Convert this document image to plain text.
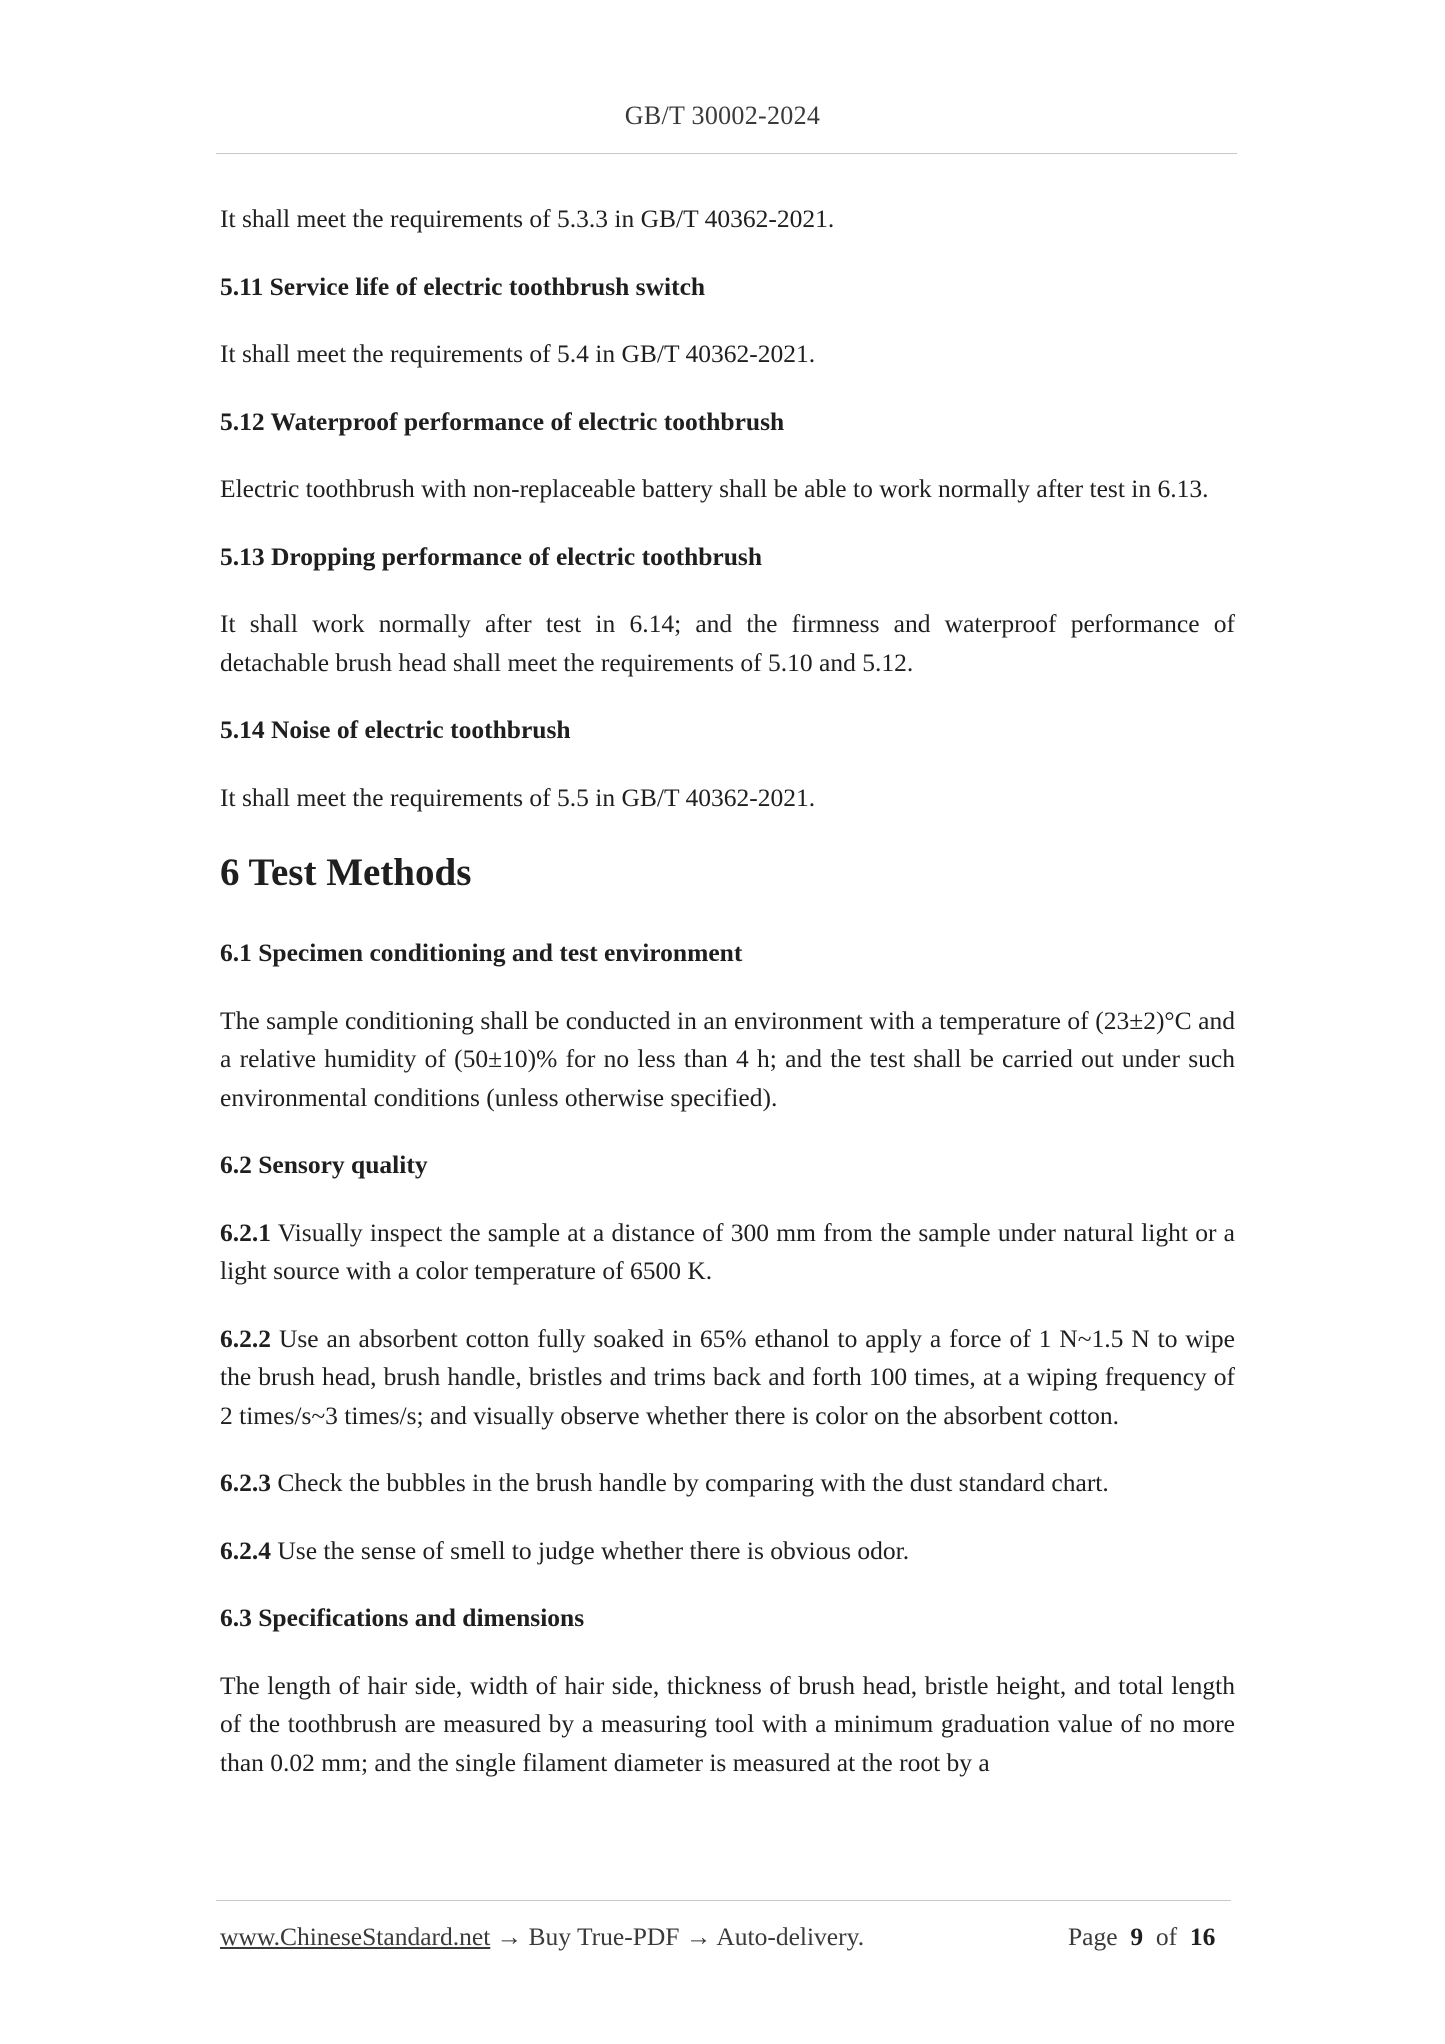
GB/T 30002-2024

It shall meet the requirements of 5.3.3 in GB/T 40362-2021.

5.11 Service life of electric toothbrush switch

It shall meet the requirements of 5.4 in GB/T 40362-2021.

5.12 Waterproof performance of electric toothbrush

Electric toothbrush with non-replaceable battery shall be able to work normally after test in 6.13.

5.13 Dropping performance of electric toothbrush

It shall work normally after test in 6.14; and the firmness and waterproof performance of detachable brush head shall meet the requirements of 5.10 and 5.12.

5.14 Noise of electric toothbrush

It shall meet the requirements of 5.5 in GB/T 40362-2021.

6 Test Methods

6.1 Specimen conditioning and test environment

The sample conditioning shall be conducted in an environment with a temperature of (23±2)°C and a relative humidity of (50±10)% for no less than 4 h; and the test shall be carried out under such environmental conditions (unless otherwise specified).

6.2 Sensory quality

6.2.1 Visually inspect the sample at a distance of 300 mm from the sample under natural light or a light source with a color temperature of 6500 K.

6.2.2 Use an absorbent cotton fully soaked in 65% ethanol to apply a force of 1 N~1.5 N to wipe the brush head, brush handle, bristles and trims back and forth 100 times, at a wiping frequency of 2 times/s~3 times/s; and visually observe whether there is color on the absorbent cotton.

6.2.3 Check the bubbles in the brush handle by comparing with the dust standard chart.

6.2.4 Use the sense of smell to judge whether there is obvious odor.

6.3 Specifications and dimensions

The length of hair side, width of hair side, thickness of brush head, bristle height, and total length of the toothbrush are measured by a measuring tool with a minimum graduation value of no more than 0.02 mm; and the single filament diameter is measured at the root by a

www.ChineseStandard.net → Buy True-PDF → Auto-delivery.	Page 9 of 16
